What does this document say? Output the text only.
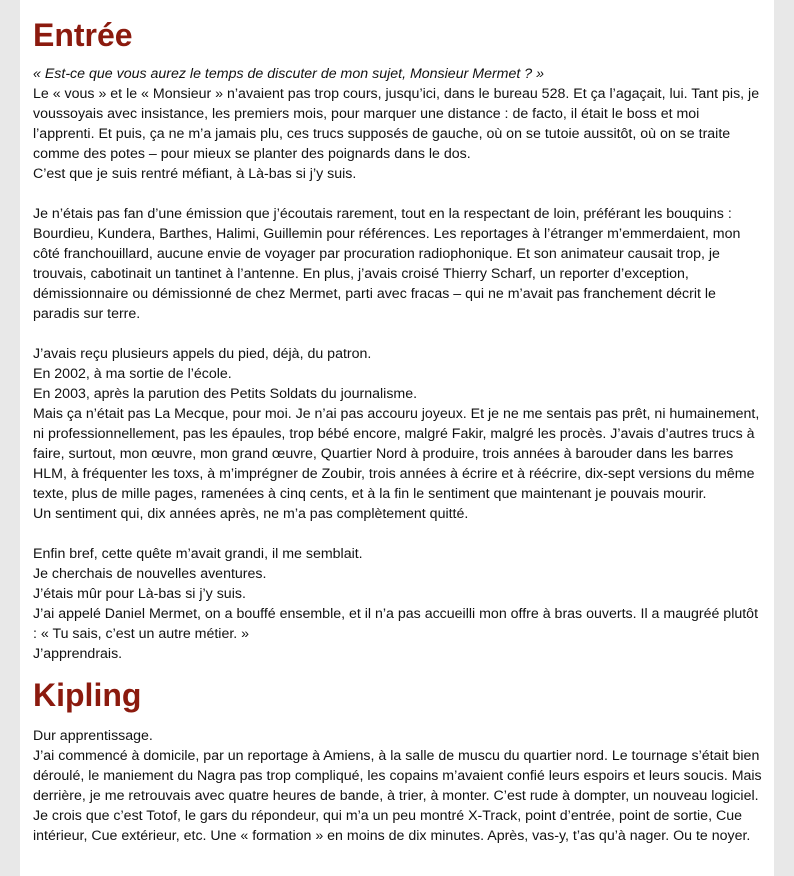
Entrée

« Est-ce que vous aurez le temps de discuter de mon sujet, Monsieur Mermet ? »
Le « vous » et le « Monsieur » n’avaient pas trop cours, jusqu’ici, dans le bureau 528. Et ça l’agaçait, lui. Tant pis, je voussoyais avec insistance, les premiers mois, pour marquer une distance : de facto, il était le boss et moi l’apprenti. Et puis, ça ne m’a jamais plu, ces trucs supposés de gauche, où on se tutoie aussitôt, où on se traite comme des potes – pour mieux se planter des poignards dans le dos.
C’est que je suis rentré méfiant, à Là-bas si j’y suis.

Je n’étais pas fan d’une émission que j’écoutais rarement, tout en la respectant de loin, préférant les bouquins : Bourdieu, Kundera, Barthes, Halimi, Guillemin pour références. Les reportages à l’étranger m’emmerdaient, mon côté franchouillard, aucune envie de voyager par procuration radiophonique. Et son animateur causait trop, je trouvais, cabotinait un tantinet à l’antenne. En plus, j’avais croisé Thierry Scharf, un reporter d’exception, démissionnaire ou démissionné de chez Mermet, parti avec fracas – qui ne m’avait pas franchement décrit le paradis sur terre.

J’avais reçu plusieurs appels du pied, déjà, du patron.
En 2002, à ma sortie de l’école.
En 2003, après la parution des Petits Soldats du journalisme.
Mais ça n’était pas La Mecque, pour moi. Je n’ai pas accouru joyeux. Et je ne me sentais pas prêt, ni humainement, ni professionnellement, pas les épaules, trop bébé encore, malgré Fakir, malgré les procès. J’avais d’autres trucs à faire, surtout, mon œuvre, mon grand œuvre, Quartier Nord à produire, trois années à barouder dans les barres HLM, à fréquenter les toxs, à m’imprégner de Zoubir, trois années à écrire et à réécrire, dix-sept versions du même texte, plus de mille pages, ramenées à cinq cents, et à la fin le sentiment que maintenant je pouvais mourir.
Un sentiment qui, dix années après, ne m’a pas complètement quitté.

Enfin bref, cette quête m’avait grandi, il me semblait.
Je cherchais de nouvelles aventures.
J’étais mûr pour Là-bas si j’y suis.
J’ai appelé Daniel Mermet, on a bouffé ensemble, et il n’a pas accueilli mon offre à bras ouverts. Il a maugréé plutôt : « Tu sais, c’est un autre métier. »
J’apprendrais.

Kipling

Dur apprentissage.
J’ai commencé à domicile, par un reportage à Amiens, à la salle de muscu du quartier nord. Le tournage s’était bien déroulé, le maniement du Nagra pas trop compliqué, les copains m’avaient confié leurs espoirs et leurs soucis. Mais derrière, je me retrouvais avec quatre heures de bande, à trier, à monter. C’est rude à dompter, un nouveau logiciel. Je crois que c’est Totof, le gars du répondeur, qui m’a un peu montré X-Track, point d’entrée, point de sortie, Cue intérieur, Cue extérieur, etc. Une « formation » en moins de dix minutes. Après, vas-y, t’as qu’à nager. Ou te noyer.
